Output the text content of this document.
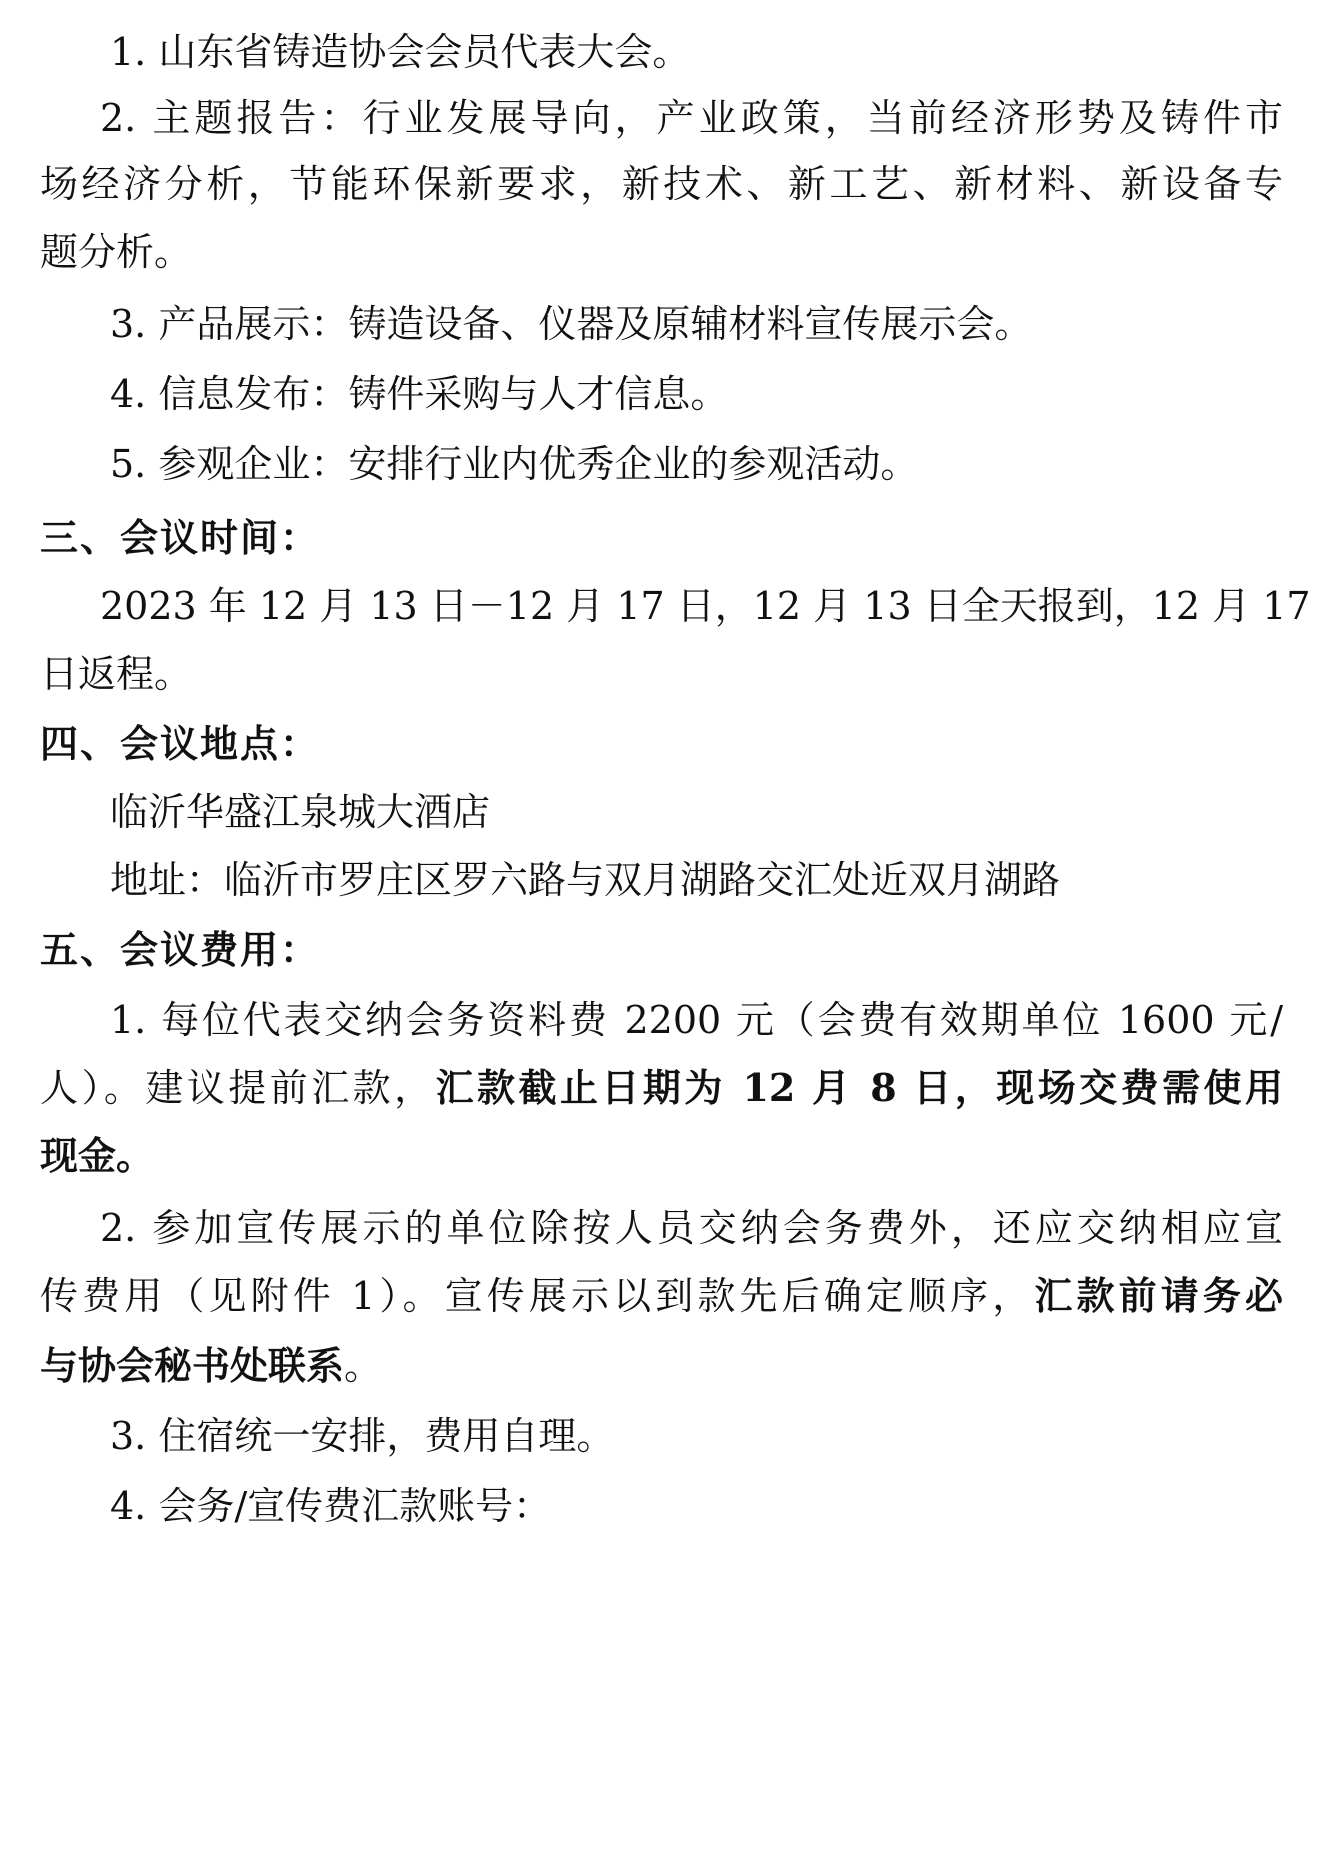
1. 山东省铸造协会会员代表大会。
2. 主题报告：行业发展导向，产业政策，当前经济形势及铸件市
场经济分析，节能环保新要求，新技术、新工艺、新材料、新设备专
题分析。
3. 产品展示：铸造设备、仪器及原辅材料宣传展示会。
4. 信息发布：铸件采购与人才信息。
5. 参观企业：安排行业内优秀企业的参观活动。
三、会议时间：
2023 年 12 月 13 日－12 月 17 日，12 月 13 日全天报到，12 月 17
日返程。
四、会议地点：
临沂华盛江泉城大酒店
地址：临沂市罗庄区罗六路与双月湖路交汇处近双月湖路
五、会议费用：
1. 每位代表交纳会务资料费 2200 元（会费有效期单位 1600 元/
人）。建议提前汇款，汇款截止日期为 12 月 8 日，现场交费需使用
现金。
2. 参加宣传展示的单位除按人员交纳会务费外，还应交纳相应宣
传费用（见附件 1）。宣传展示以到款先后确定顺序，汇款前请务必
与协会秘书处联系。
3. 住宿统一安排，费用自理。
4. 会务/宣传费汇款账号：
